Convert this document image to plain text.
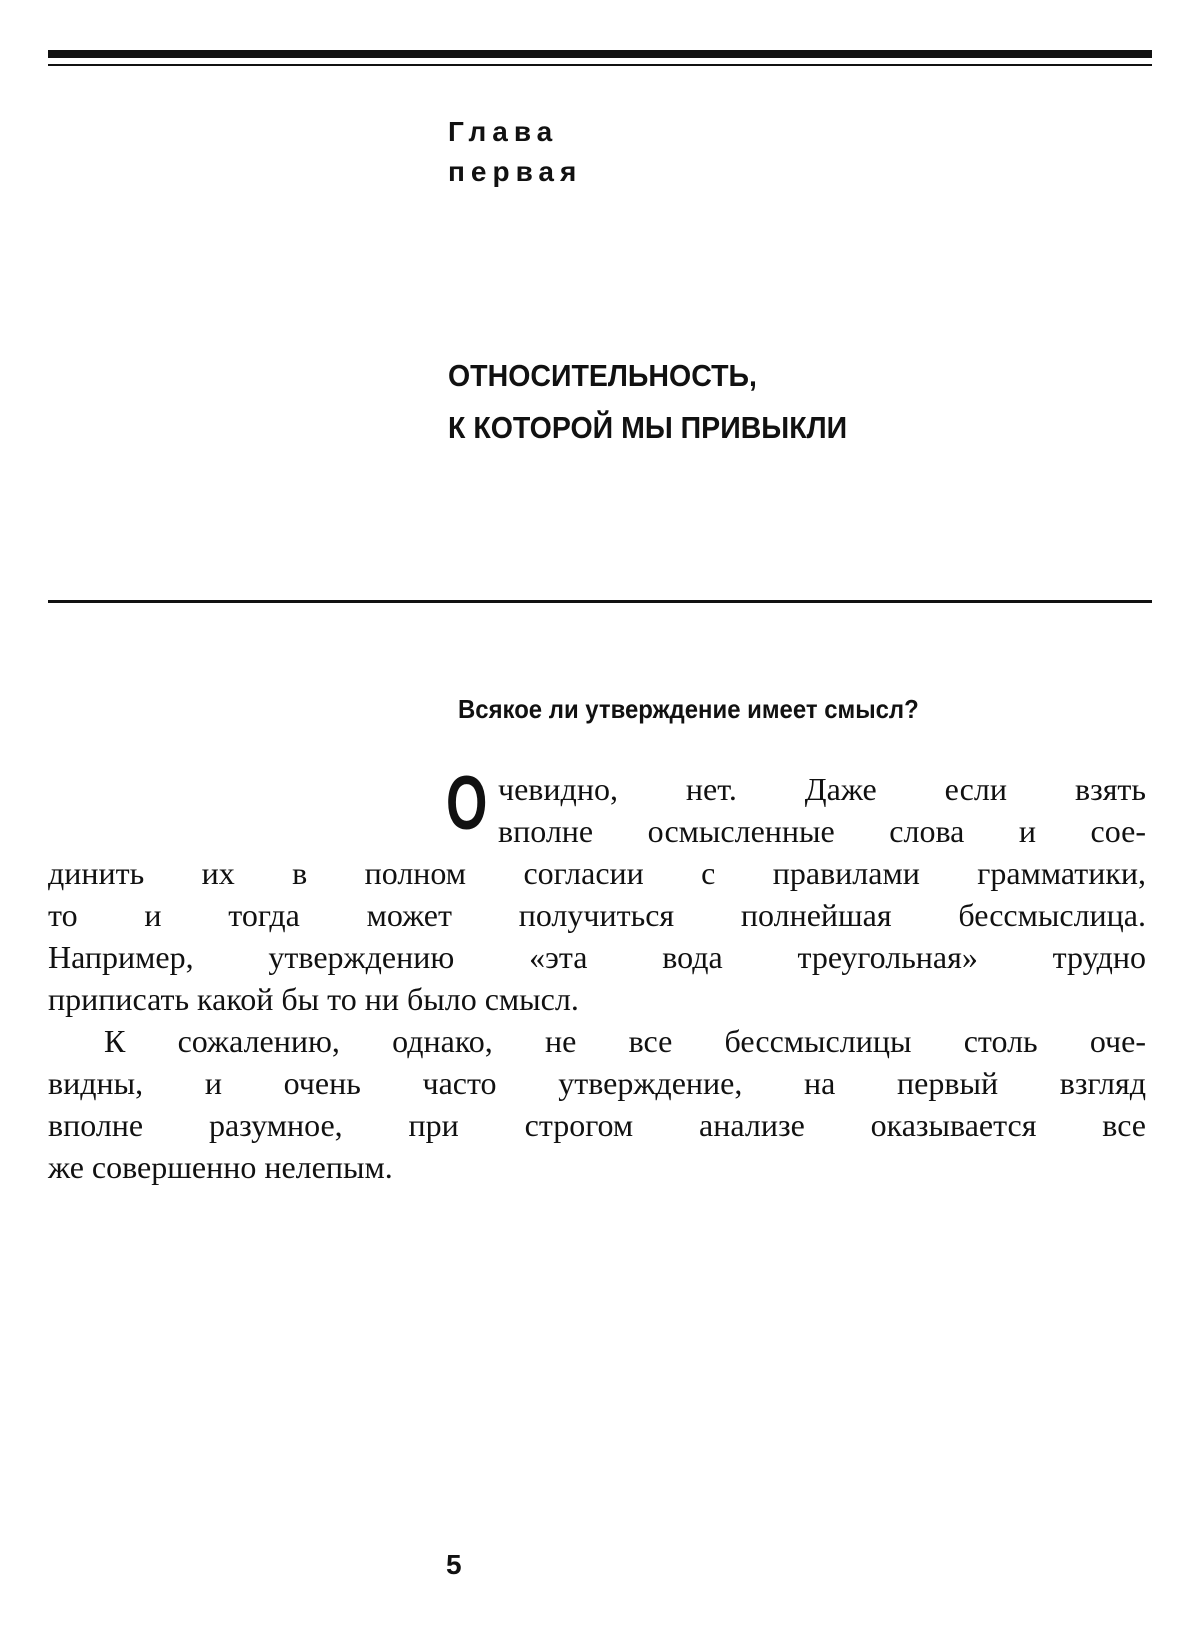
Глава
первая
ОТНОСИТЕЛЬНОСТЬ,
К КОТОРОЙ МЫ ПРИВЫКЛИ
Всякое ли утверждение имеет смысл?
О чевидно, нет. Даже если взять
вполне осмысленные слова и сое-
динить их в полном согласии с правилами грамматики,
то и тогда может получиться полнейшая бессмыслица.
Например, утверждению «эта вода треугольная» трудно
приписать какой бы то ни было смысл.
К сожалению, однако, не все бессмыслицы столь оче-
видны, и очень часто утверждение, на первый взгляд
вполне разумное, при строгом анализе оказывается все
же совершенно нелепым.
5
